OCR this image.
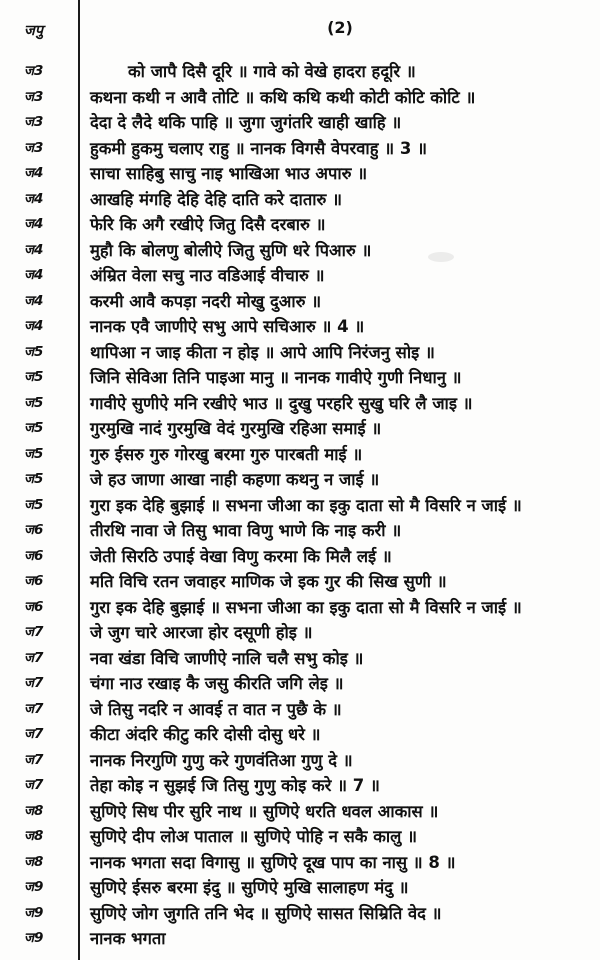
जपु	(2)
ज3	को जापै दिसै दूरि ॥ गावे को वेखे हादरा हदूरि ॥
ज3	कथना कथी न आवै तोटि ॥ कथि कथि कथी कोटी कोटि कोटि ॥
ज3	देदा दे लैदे थकि पाहि ॥ जुगा जुगंतरि खाही खाहि ॥
ज3	हुकमी हुकमु चलाए राहु ॥ नानक विगसै वेपरवाहु ॥ 3 ॥
ज4	साचा साहिबु साचु नाइ भाखिआ भाउ अपारु ॥
ज4	आखहि मंगहि देहि देहि दाति करे दातारु ॥
ज4	फेरि कि अगै रखीऐ जितु दिसै दरबारु ॥
ज4	मुहौ कि बोलणु बोलीऐ जितु सुणि धरे पिआरु ॥
ज4	अंम्रित वेला सचु नाउ वडिआई वीचारु ॥
ज4	करमी आवै कपड़ा नदरी मोखु दुआरु ॥
ज4	नानक एवै जाणीऐ सभु आपे सचिआरु ॥ 4 ॥
ज5	थापिआ न जाइ कीता न होइ ॥ आपे आपि निरंजनु सोइ ॥
ज5	जिनि सेविआ तिनि पाइआ मानु ॥ नानक गावीऐ गुणी निधानु ॥
ज5	गावीऐ सुणीऐ मनि रखीऐ भाउ ॥ दुखु परहरि सुखु घरि लै जाइ ॥
ज5	गुरमुखि नादं गुरमुखि वेदं गुरमुखि रहिआ समाई ॥
ज5	गुरु ईसरु गुरु गोरखु बरमा गुरु पारबती माई ॥
ज5	जे हउ जाणा आखा नाही कहणा कथनु न जाई ॥
ज5	गुरा इक देहि बुझाई ॥ सभना जीआ का इकु दाता सो मै विसरि न जाई ॥
ज6	तीरथि नावा जे तिसु भावा विणु भाणे कि नाइ करी ॥
ज6	जेती सिरठि उपाई वेखा विणु करमा कि मिलै लई ॥
ज6	मति विचि रतन जवाहर माणिक जे इक गुर की सिख सुणी ॥
ज6	गुरा इक देहि बुझाई ॥ सभना जीआ का इकु दाता सो मै विसरि न जाई ॥
ज7	जे जुग चारे आरजा होर दसूणी होइ ॥
ज7	नवा खंडा विचि जाणीऐ नालि चलै सभु कोइ ॥
ज7	चंगा नाउ रखाइ कै जसु कीरति जगि लेइ ॥
ज7	जे तिसु नदरि न आवई त वात न पुछै के ॥
ज7	कीटा अंदरि कीटु करि दोसी दोसु धरे ॥
ज7	नानक निरगुणि गुणु करे गुणवंतिआ गुणु दे ॥
ज7	तेहा कोइ न सुझई जि तिसु गुणु कोइ करे ॥ 7 ॥
ज8	सुणिऐ सिध पीर सुरि नाथ ॥ सुणिऐ धरति धवल आकास ॥
ज8	सुणिऐ दीप लोअ पाताल ॥ सुणिऐ पोहि न सकै कालु ॥
ज8	नानक भगता सदा विगासु ॥ सुणिऐ दूख पाप का नासु ॥ 8 ॥
ज9	सुणिऐ ईसरु बरमा इंदु ॥ सुणिऐ मुखि सालाहण मंदु ॥
ज9	सुणिऐ जोग जुगति तनि भेद ॥ सुणिऐ सासत सिम्रिति वेद ॥
ज9	नानक भगता
